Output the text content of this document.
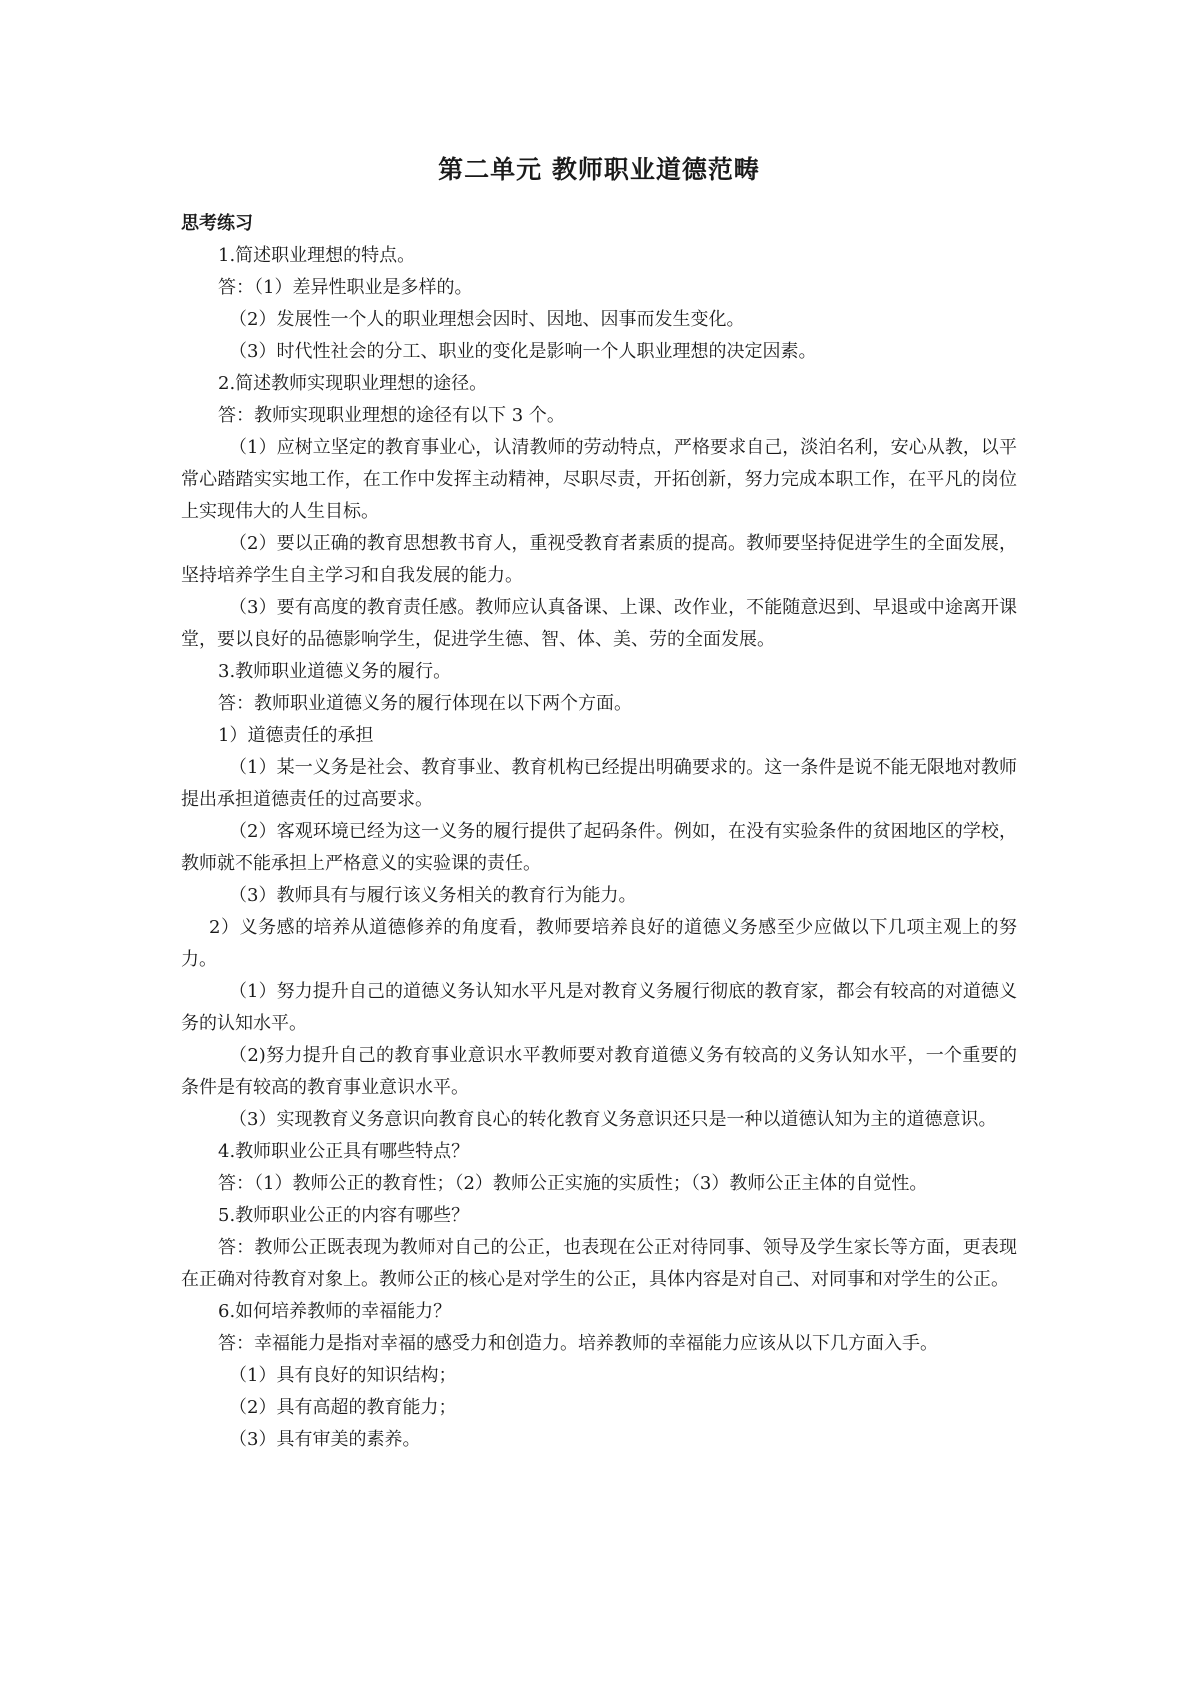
第二单元 教师职业道德范畴
思考练习

1.简述职业理想的特点。

答：（1）差异性职业是多样的。

（2）发展性一个人的职业理想会因时、因地、因事而发生变化。

（3）时代性社会的分工、职业的变化是影响一个人职业理想的决定因素。

2.简述教师实现职业理想的途径。

答：教师实现职业理想的途径有以下 3 个。

（1）应树立坚定的教育事业心，认清教师的劳动特点，严格要求自己，淡泊名利，安心从教，以平常心踏踏实实地工作，在工作中发挥主动精神，尽职尽责，开拓创新，努力完成本职工作，在平凡的岗位上实现伟大的人生目标。

（2）要以正确的教育思想教书育人，重视受教育者素质的提高。教师要坚持促进学生的全面发展，坚持培养学生自主学习和自我发展的能力。

（3）要有高度的教育责任感。教师应认真备课、上课、改作业，不能随意迟到、早退或中途离开课堂，要以良好的品德影响学生，促进学生德、智、体、美、劳的全面发展。

3.教师职业道德义务的履行。

答：教师职业道德义务的履行体现在以下两个方面。

1）道德责任的承担

（1）某一义务是社会、教育事业、教育机构已经提出明确要求的。这一条件是说不能无限地对教师提出承担道德责任的过高要求。

（2）客观环境已经为这一义务的履行提供了起码条件。例如，在没有实验条件的贫困地区的学校，教师就不能承担上严格意义的实验课的责任。

（3）教师具有与履行该义务相关的教育行为能力。

2）义务感的培养从道德修养的角度看，教师要培养良好的道德义务感至少应做以下几项主观上的努力。

（1）努力提升自己的道德义务认知水平凡是对教育义务履行彻底的教育家，都会有较高的对道德义务的认知水平。

（2)努力提升自己的教育事业意识水平教师要对教育道德义务有较高的义务认知水平，一个重要的条件是有较高的教育事业意识水平。

（3）实现教育义务意识向教育良心的转化教育义务意识还只是一种以道德认知为主的道德意识。

4.教师职业公正具有哪些特点？

答：（1）教师公正的教育性；（2）教师公正实施的实质性；（3）教师公正主体的自觉性。

5.教师职业公正的内容有哪些？

答：教师公正既表现为教师对自己的公正，也表现在公正对待同事、领导及学生家长等方面，更表现在正确对待教育对象上。教师公正的核心是对学生的公正，具体内容是对自己、对同事和对学生的公正。

6.如何培养教师的幸福能力？

答：幸福能力是指对幸福的感受力和创造力。培养教师的幸福能力应该从以下几方面入手。

（1）具有良好的知识结构；

（2）具有高超的教育能力；

（3）具有审美的素养。
